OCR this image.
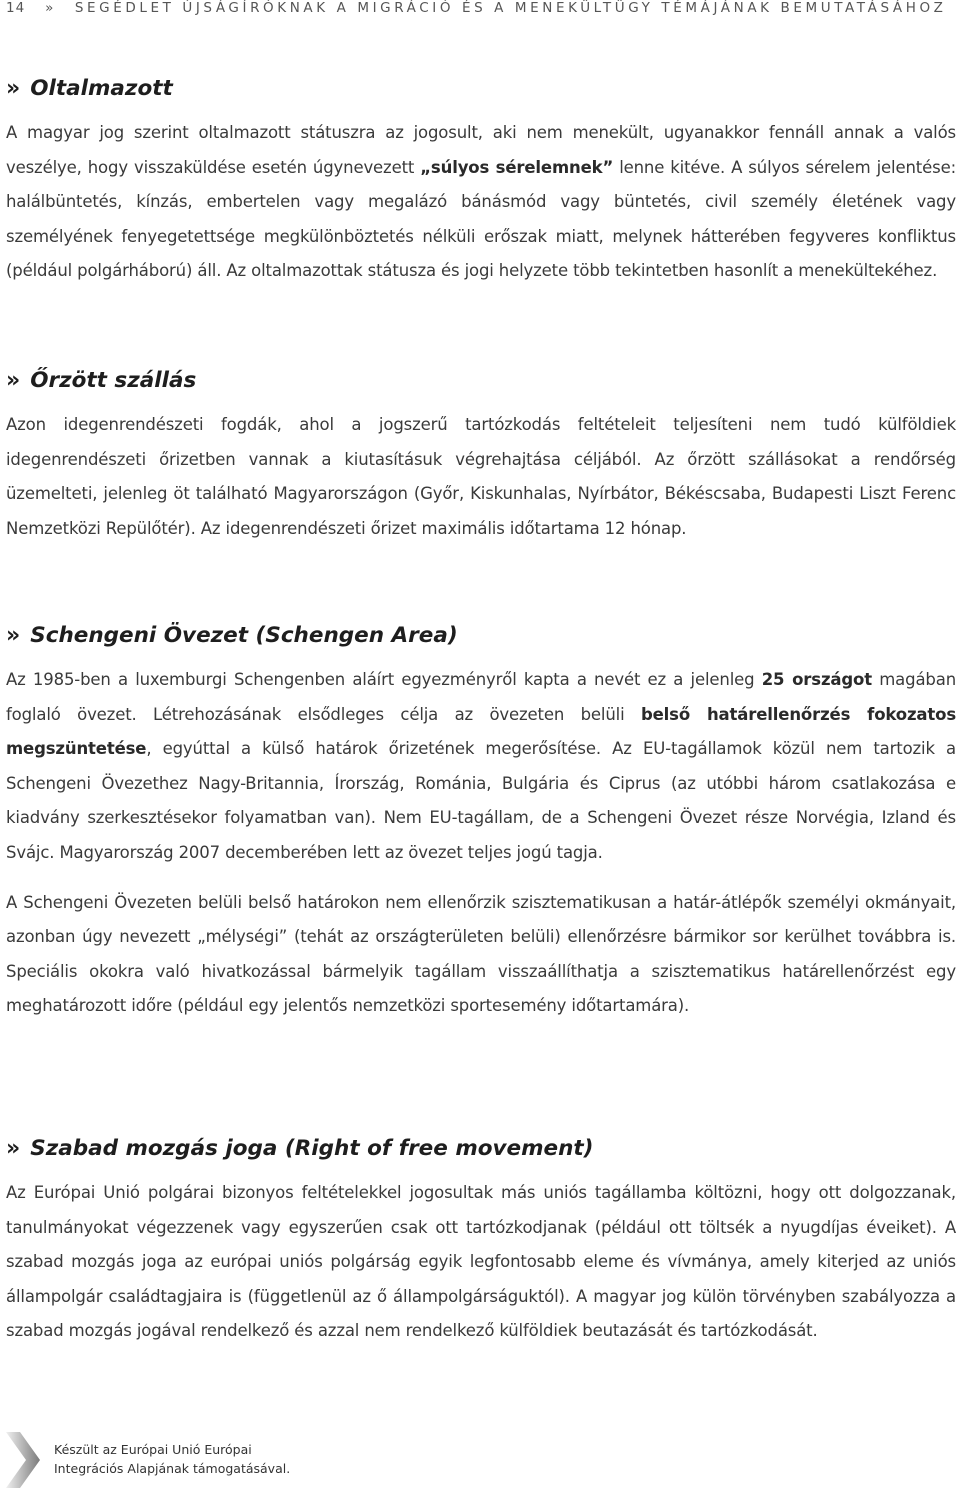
14 » SEGÉDLET ÚJSÁGÍRÓKNAK A MIGRÁCIÓ ÉS A MENEKÜLTÜGY TÉMÁJÁNAK BEMUTATÁSÁHOZ
» Oltalmazott

A magyar jog szerint oltalmazott státuszra az jogosult, aki nem menekült, ugyanakkor fennáll annak a valós veszélye, hogy visszaküldése esetén úgynevezett „súlyos sérelemnek” lenne kitéve. A súlyos sérelem jelentése: halálbüntetés, kínzás, embertelen vagy megalázó bánásmód vagy büntetés, civil személy életének vagy személyének fenyegetettsége megkülönböztetés nélküli erőszak miatt, melynek hátterében fegyveres konfliktus (például polgárháború) áll. Az oltalmazottak státusza és jogi helyzete több tekintetben hasonlít a menekültekéhez.

» Őrzött szállás

Azon idegenrendészeti fogdák, ahol a jogszerű tartózkodás feltételeit teljesíteni nem tudó külföldiek idegenrendészeti őrizetben vannak a kiutasításuk végrehajtása céljából. Az őrzött szállásokat a rendőrség üzemelteti, jelenleg öt található Magyarországon (Győr, Kiskunhalas, Nyírbátor, Békéscsaba, Budapesti Liszt Ferenc Nemzetközi Repülőtér). Az idegenrendészeti őrizet maximális időtartama 12 hónap.

» Schengeni Övezet (Schengen Area)

Az 1985-ben a luxemburgi Schengenben aláírt egyezményről kapta a nevét ez a jelenleg 25 országot magában foglaló övezet. Létrehozásának elsődleges célja az övezeten belüli belső határellenőrzés fokozatos megszüntetése, egyúttal a külső határok őrizetének megerősítése. Az EU-tagállamok közül nem tartozik a Schengeni Övezethez Nagy-Britannia, Írország, Románia, Bulgária és Ciprus (az utóbbi három csatlakozása e kiadvány szerkesztésekor folyamatban van). Nem EU-tagállam, de a Schengeni Övezet része Norvégia, Izland és Svájc. Magyarország 2007 decemberében lett az övezet teljes jogú tagja.

A Schengeni Övezeten belüli belső határokon nem ellenőrzik szisztematikusan a határ-átlépők személyi okmányait, azonban úgy nevezett „mélységi” (tehát az országterületen belüli) ellenőrzésre bármikor sor kerülhet továbbra is. Speciális okokra való hivatkozással bármelyik tagállam visszaállíthatja a szisztematikus határellenőrzést egy meghatározott időre (például egy jelentős nemzetközi sportesemény időtartamára).

» Szabad mozgás joga (Right of free movement)

Az Európai Unió polgárai bizonyos feltételekkel jogosultak más uniós tagállamba költözni, hogy ott dolgozzanak, tanulmányokat végezzenek vagy egyszerűen csak ott tartózkodjanak (például ott töltsék a nyugdíjas éveiket). A szabad mozgás joga az európai uniós polgárság egyik legfontosabb eleme és vívmánya, amely kiterjed az uniós állampolgár családtagjaira is (függetlenül az ő állampolgárságuktól). A magyar jog külön törvényben szabályozza a szabad mozgás jogával rendelkező és azzal nem rendelkező külföldiek beutazását és tartózkodását.

Készült az Európai Unió Európai
Integrációs Alapjának támogatásával.
